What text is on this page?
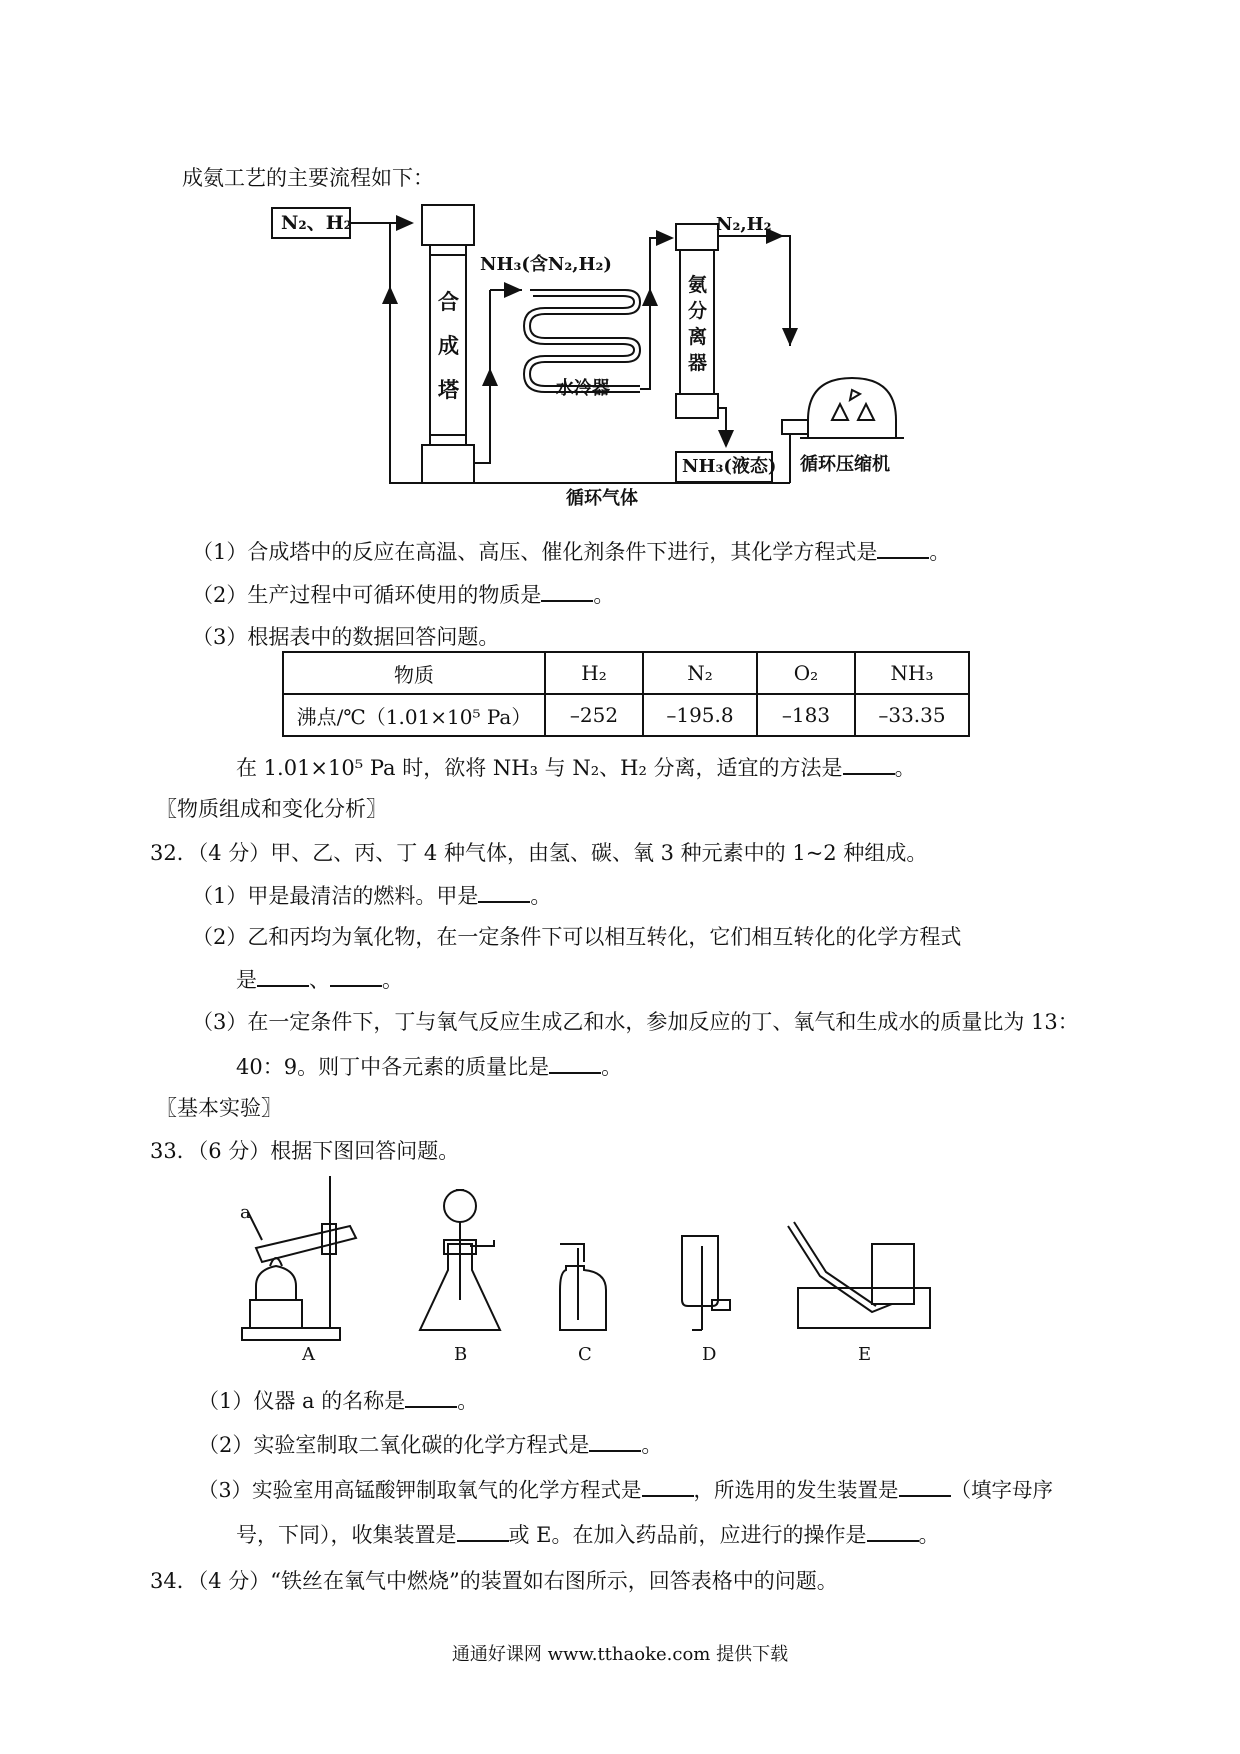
成氨工艺的主要流程如下：
N₂、H₂
合
成
塔
NH₃(含N₂,H₂)
水冷器
氨
分
离
器
N₂,H₂
NH₃(液态) 循环压缩机
循环气体
（1）合成塔中的反应在高温、高压、催化剂条件下进行，其化学方程式是 。
（2）生产过程中可循环使用的物质是 。
（3）根据表中的数据回答问题。
物质	H₂	N₂	O₂	NH₃
沸点/℃（1.01×10⁵ Pa）	–252	–195.8	–183	–33.35
在 1.01×10⁵ Pa 时，欲将 NH₃ 与 N₂、H₂ 分离，适宜的方法是 。
〖物质组成和变化分析〗
32．（4 分）甲、乙、丙、丁 4 种气体，由氢、碳、氧 3 种元素中的 1~2 种组成。
（1）甲是最清洁的燃料。甲是 。
（2）乙和丙均为氧化物，在一定条件下可以相互转化，它们相互转化的化学方程式
是 、 。
（3）在一定条件下，丁与氧气反应生成乙和水，参加反应的丁、氧气和生成水的质量比为 13：
40：9。则丁中各元素的质量比是 。
〖基本实验〗
33．（6 分）根据下图回答问题。
a
A	B	C	D	E
（1）仪器 a 的名称是 。
（2）实验室制取二氧化碳的化学方程式是 。
（3）实验室用高锰酸钾制取氧气的化学方程式是	，所选用的发生装置是	（填字母序
号，下同），收集装置是 或 E。在加入药品前，应进行的操作是 。
34．（4 分）“铁丝在氧气中燃烧”的装置如右图所示，回答表格中的问题。
通通好课网 www.tthaoke.com 提供下载
